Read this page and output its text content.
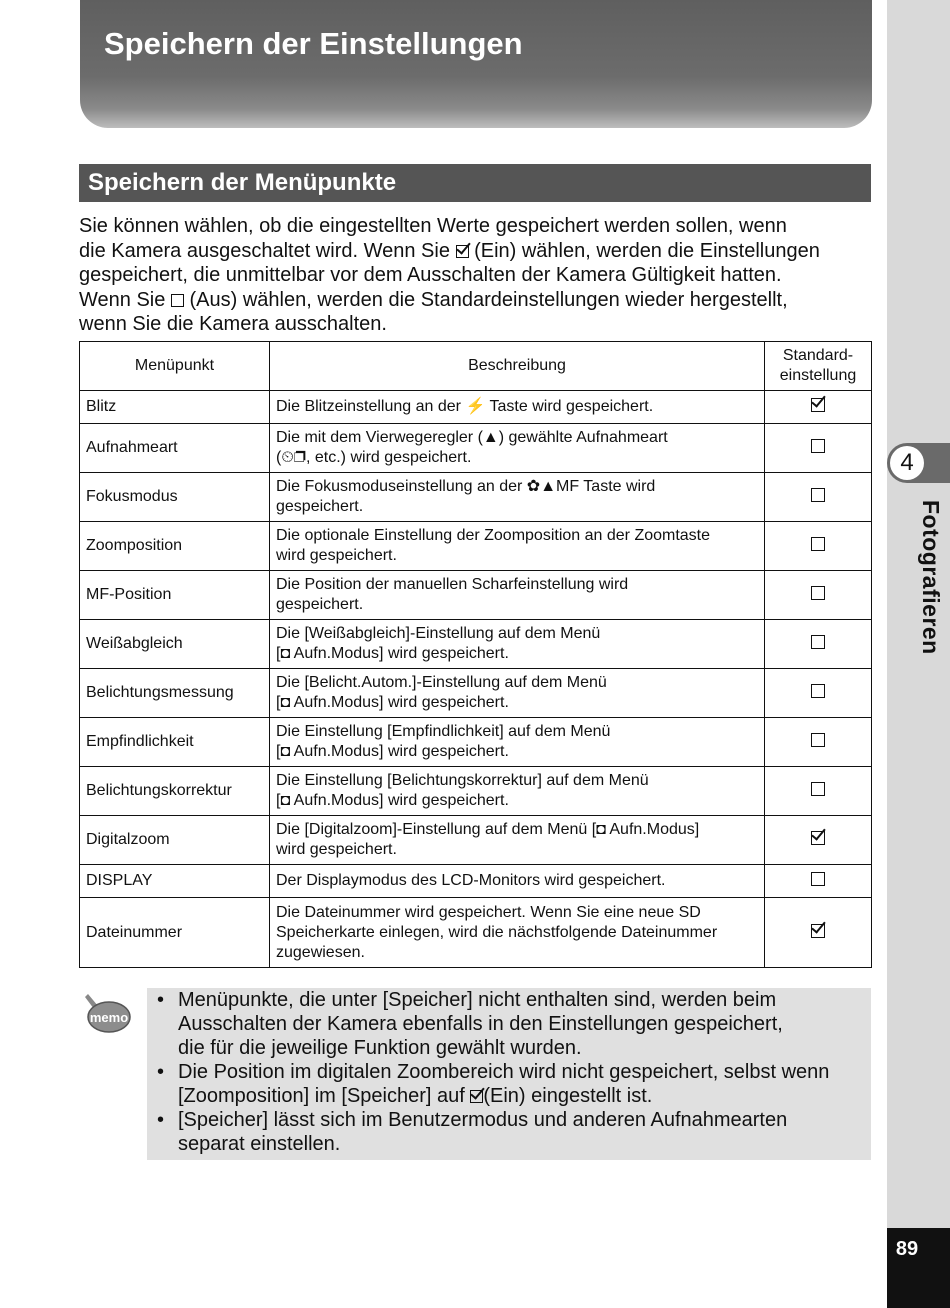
4
Fotografieren
89
Speichern der Einstellungen
Speichern der Menüpunkte
Sie können wählen, ob die eingestellten Werte gespeichert werden sollen, wenn
die Kamera ausgeschaltet wird. Wenn Sie (Ein) wählen, werden die Einstellungen
gespeichert, die unmittelbar vor dem Ausschalten der Kamera Gültigkeit hatten.
Wenn Sie (Aus) wählen, werden die Standardeinstellungen wieder hergestellt,
wenn Sie die Kamera ausschalten.
Menüpunkt	Beschreibung	Standard-
einstellung
Blitz	Die Blitzeinstellung an der ⚡ Taste wird gespeichert.	
Aufnahmeart	Die mit dem Vierwegeregler (▲) gewählte Aufnahmeart
(⏲❐, etc.) wird gespeichert.	

Fokusmodus	Die Fokusmoduseinstellung an der ✿▲MF Taste wird
gespeichert.	

Zoomposition	Die optionale Einstellung der Zoomposition an der Zoomtaste
wird gespeichert.	

MF-Position	Die Position der manuellen Scharfeinstellung wird
gespeichert.	

Weißabgleich	Die [Weißabgleich]-Einstellung auf dem Menü
[◘ Aufn.Modus] wird gespeichert.	

Belichtungsmessung	Die [Belicht.Autom.]-Einstellung auf dem Menü
[◘ Aufn.Modus] wird gespeichert.	

Empfindlichkeit	Die Einstellung [Empfindlichkeit] auf dem Menü
[◘ Aufn.Modus] wird gespeichert.	

Belichtungskorrektur	Die Einstellung [Belichtungskorrektur] auf dem Menü
[◘ Aufn.Modus] wird gespeichert.	

Digitalzoom	Die [Digitalzoom]-Einstellung auf dem Menü [◘ Aufn.Modus]
wird gespeichert.	

DISPLAY	Der Displaymodus des LCD-Monitors wird gespeichert.	

Dateinummer	Die Dateinummer wird gespeichert. Wenn Sie eine neue SD
Speicherkarte einlegen, wird die nächstfolgende Dateinummer
zugewiesen.	

memo
• Menüpunkte, die unter [Speicher] nicht enthalten sind, werden beim
Ausschalten der Kamera ebenfalls in den Einstellungen gespeichert,
die für die jeweilige Funktion gewählt wurden.
• Die Position im digitalen Zoombereich wird nicht gespeichert, selbst wenn
[Zoomposition] im [Speicher] auf (Ein) eingestellt ist.
• [Speicher] lässt sich im Benutzermodus und anderen Aufnahmearten
separat einstellen.
